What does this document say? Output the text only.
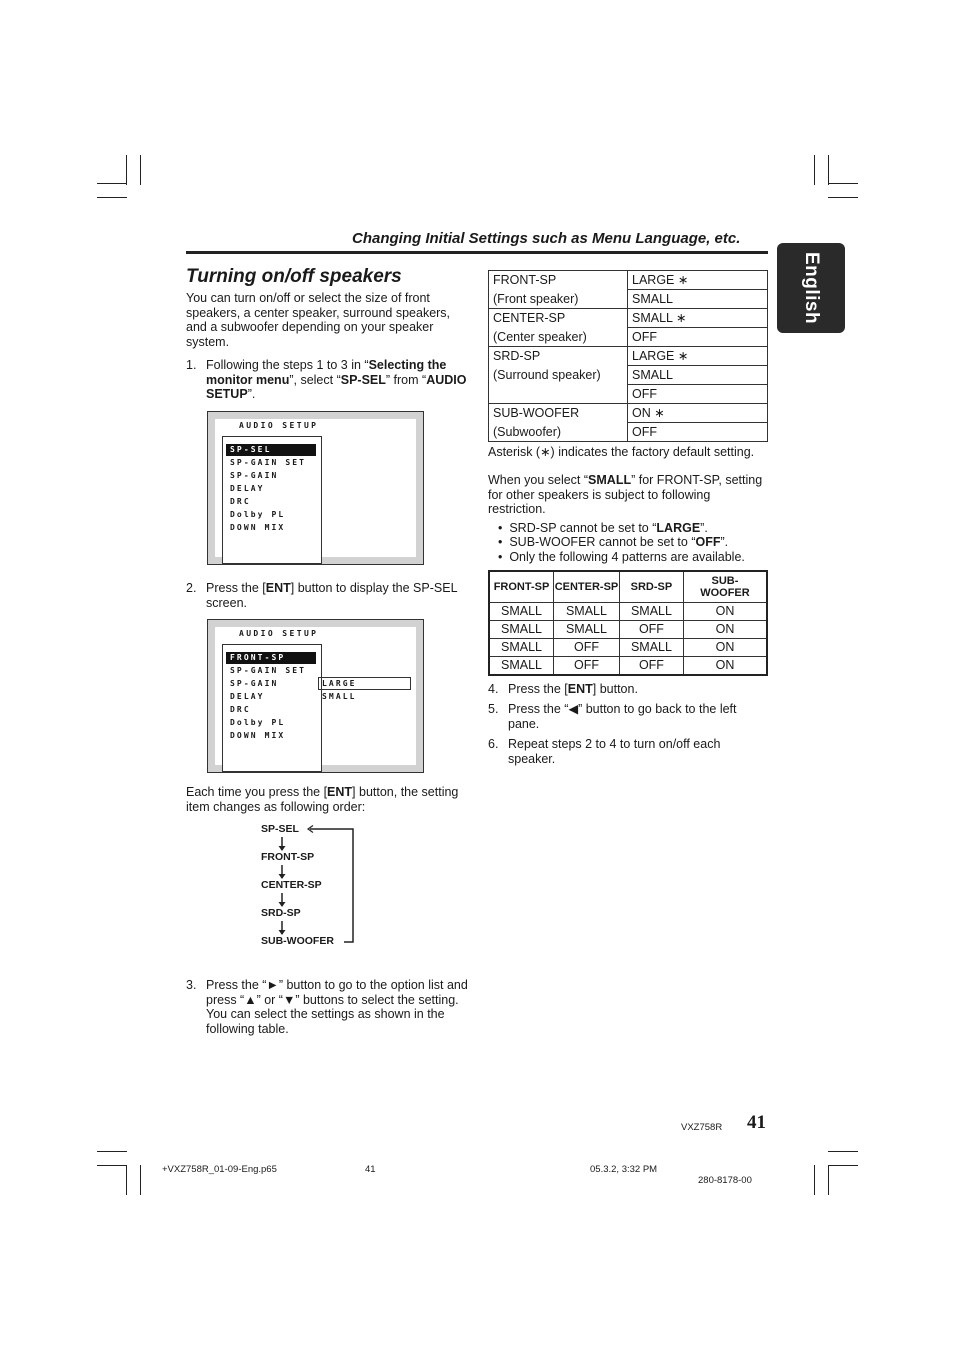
Changing Initial Settings such as Menu Language, etc.
English
Turning on/off speakers
You can turn on/off or select the size of front speakers, a center speaker, surround speakers, and a subwoofer depending on your speaker system.
1. Following the steps 1 to 3 in “Selecting the monitor menu”, select “SP-SEL” from “AUDIO SETUP”.
AUDIO SETUP
SP-SEL
SP-GAIN SET
SP-GAIN
DELAY
DRC
Dolby PL
DOWN MIX
2. Press the [ENT] button to display the SP-SEL screen.
AUDIO SETUP
FRONT-SP
SP-GAIN SET
SP-GAIN
DELAY
DRC
Dolby PL
DOWN MIX
LARGE
SMALL
Each time you press the [ENT] button, the setting item changes as following order:
SP-SEL
FRONT-SP
CENTER-SP
SRD-SP
SUB-WOOFER
3. Press the “►” button to go to the option list and press “▲” or “▼” buttons to select the setting.
You can select the settings as shown in the following table.
FRONT-SP	LARGE ∗
(Front speaker)	SMALL
CENTER-SP	SMALL ∗
(Center speaker)	OFF
SRD-SP	LARGE ∗
(Surround speaker)	SMALL
	OFF
SUB-WOOFER	ON ∗
(Subwoofer)	OFF
Asterisk (∗) indicates the factory default setting.
When you select “SMALL” for FRONT-SP, setting for other speakers is subject to following restriction.
•  SRD-SP cannot be set to “LARGE”.
•  SUB-WOOFER cannot be set to “OFF”.
•  Only the following 4 patterns are available.
FRONT-SP	CENTER-SP	SRD-SP	SUB-WOOFER
SMALL	SMALL	SMALL	ON
SMALL	SMALL	OFF	ON
SMALL	OFF	SMALL	ON
SMALL	OFF	OFF	ON
4. Press the [ENT] button.
5. Press the “◀” button to go back to the left pane.
6. Repeat steps 2 to 4 to turn on/off each speaker.
VXZ758R 41
+VXZ758R_01-09-Eng.p65	41	05.3.2, 3:32 PM
280-8178-00
